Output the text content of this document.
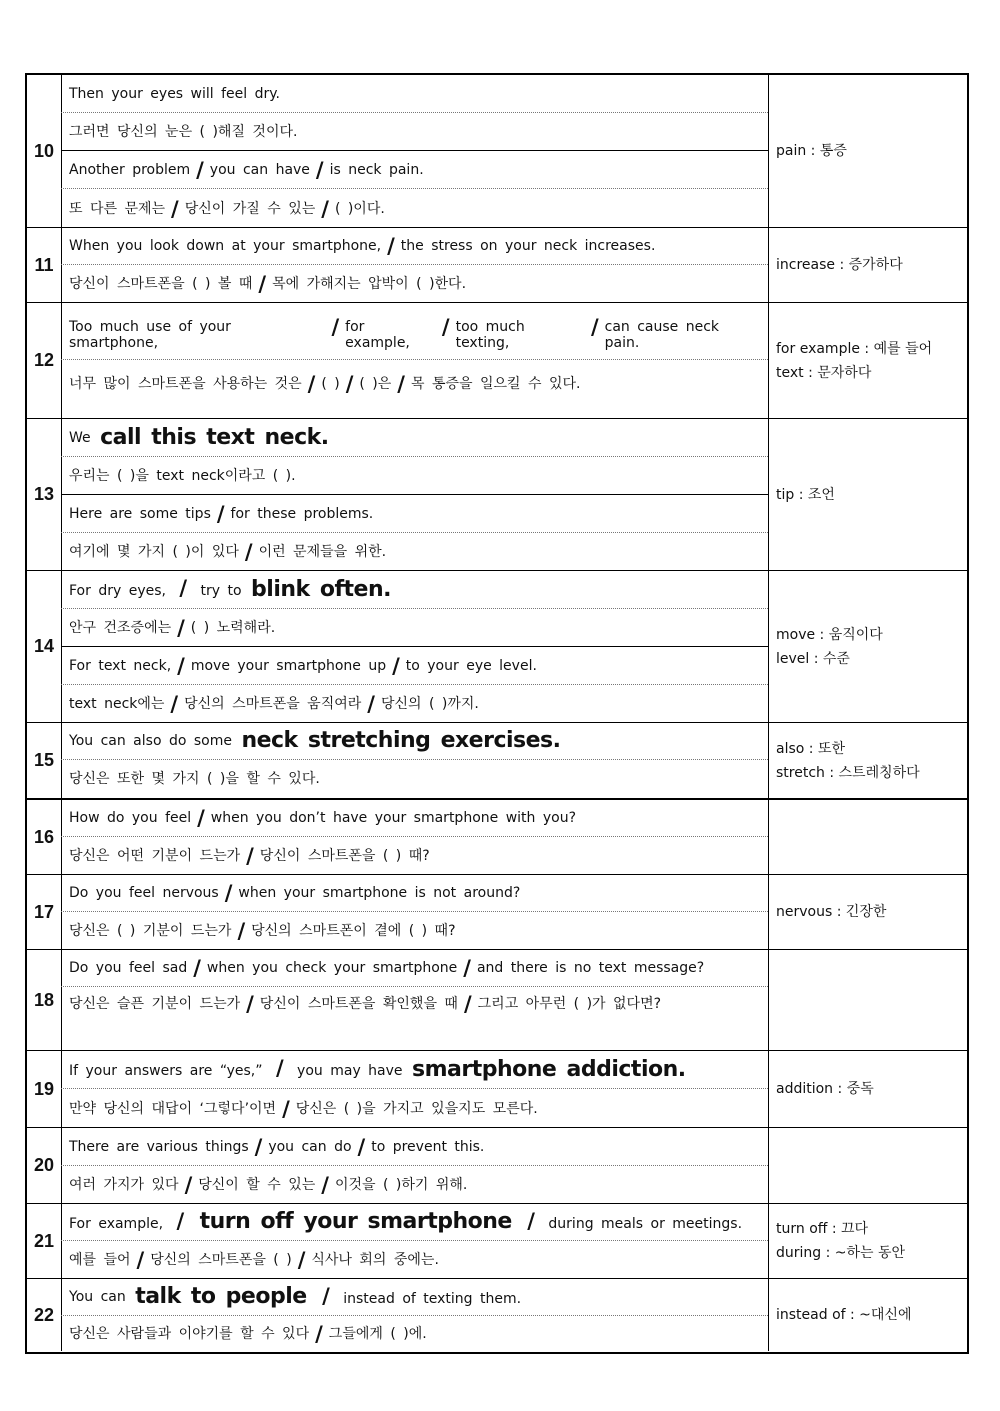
10
Then your eyes will feel dry.
그러면 당신의 눈은 ( )해질 것이다.
Another problem / you can have / is neck pain.
또 다른 문제는 / 당신이 가질 수 있는 / ( )이다.
pain : 통증
11
When you look down at your smartphone, / the stress on your neck increases.
당신이 스마트폰을 ( ) 볼 때 / 목에 가해지는 압박이 ( )한다.
increase : 증가하다
12
Too much use of your smartphone,
/ for example,
/ too much texting,
/ can cause neck pain.
너무 많이 스마트폰을 사용하는 것은 / ( ) / ( )은 / 목 통증을 일으킬 수 있다.
for example : 예를 들어
text : 문자하다
13
We
call this text neck.
우리는 ( )을 text neck이라고 ( ).
Here are some tips / for these problems.
여기에 몇 가지 ( )이 있다 / 이런 문제들을 위한.
tip : 조언
14
For dry eyes, / try to
blink often.
안구 건조증에는 / ( ) 노력해라.
For text neck, / move your smartphone up / to your eye level.
text neck에는 / 당신의 스마트폰을 움직여라 / 당신의 ( )까지.
move : 움직이다
level : 수준
15
You can also do some
neck stretching exercises.
당신은 또한 몇 가지 ( )을 할 수 있다.
also : 또한
stretch : 스트레칭하다
16
How do you feel / when you don’t have your smartphone with you?
당신은 어떤 기분이 드는가 / 당신이 스마트폰을 ( ) 때?
17
Do you feel nervous / when your smartphone is not around?
당신은 ( ) 기분이 드는가 / 당신의 스마트폰이 곁에 ( ) 때?
nervous : 긴장한
18
Do you feel sad / when you check your smartphone / and there is no text message?
당신은 슬픈 기분이 드는가 / 당신이 스마트폰을 확인했을 때 / 그리고 아무런 ( )가 없다면?
19
If your answers are “yes,” / you may have
smartphone addiction.
만약 당신의 대답이 ‘그렇다’이면 / 당신은 ( )을 가지고 있을지도 모른다.
addition : 중독
20
There are various things / you can do / to prevent this.
여러 가지가 있다 / 당신이 할 수 있는 / 이것을 ( )하기 위해.
21
For example, /
turn off your smartphone
/ during meals or meetings.
예를 들어 / 당신의 스마트폰을 ( ) / 식사나 회의 중에는.
turn off : 끄다
during : ~하는 동안
22
You can
talk to people
/ instead of texting them.
당신은 사람들과 이야기를 할 수 있다 / 그들에게 ( )에.
instead of : ~대신에
